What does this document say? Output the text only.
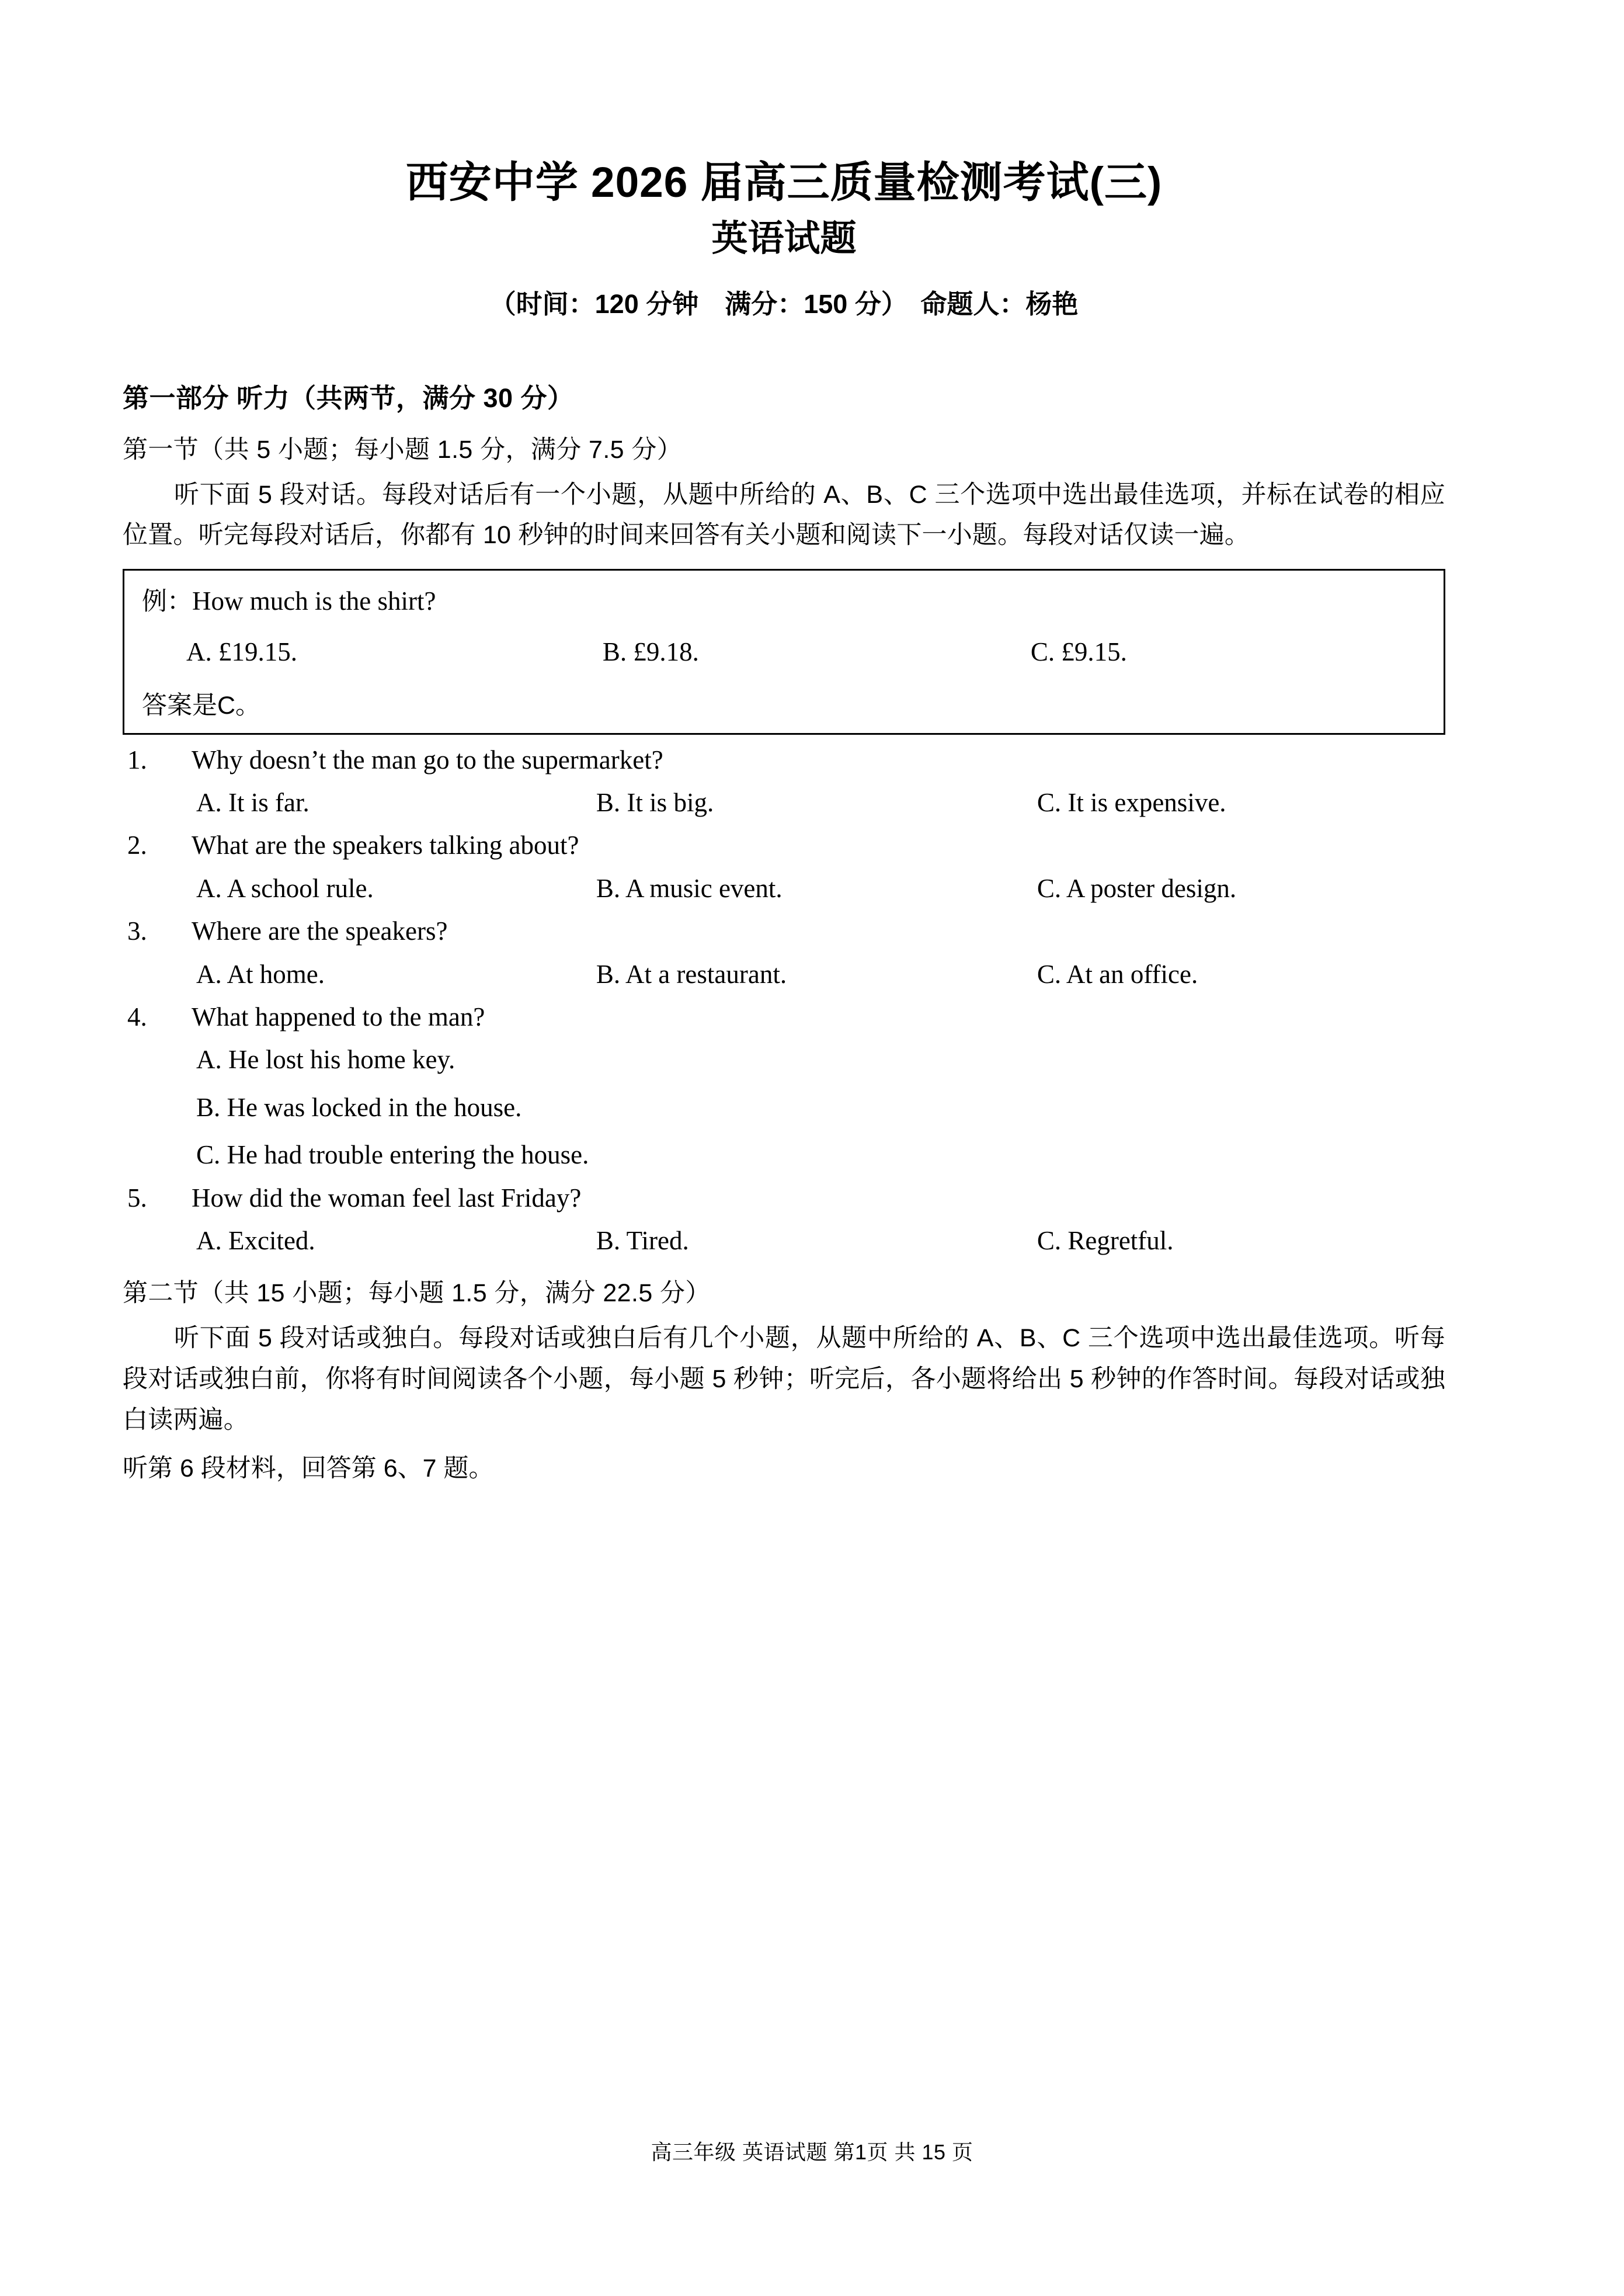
西安中学 2026 届高三质量检测考试(三)
英语试题
（时间：120 分钟　满分：150 分）　命题人：杨艳
第一部分 听力（共两节，满分 30 分）
第一节（共 5 小题；每小题 1.5 分，满分 7.5 分）
听下面 5 段对话。每段对话后有一个小题，从题中所给的 A、B、C 三个选项中选出最佳选项，并标在试卷的相应位置。听完每段对话后，你都有 10 秒钟的时间来回答有关小题和阅读下一小题。每段对话仅读一遍。
例：How much is the shirt?
A. £19.15.	B. £9.18.	C. £9.15.
答案是C。
1.	Why doesn’t the man go to the supermarket?
A. It is far.	B. It is big.	C. It is expensive.
2.	What are the speakers talking about?
A. A school rule.	B. A music event.	C. A poster design.
3.	Where are the speakers?
A. At home.	B. At a restaurant.	C. At an office.
4.	What happened to the man?
A. He lost his home key.
B. He was locked in the house.
C. He had trouble entering the house.
5.	How did the woman feel last Friday?
A. Excited.	B. Tired.	C. Regretful.
第二节（共 15 小题；每小题 1.5 分，满分 22.5 分）
听下面 5 段对话或独白。每段对话或独白后有几个小题，从题中所给的 A、B、C 三个选项中选出最佳选项。听每段对话或独白前，你将有时间阅读各个小题，每小题 5 秒钟；听完后，各小题将给出 5 秒钟的作答时间。每段对话或独白读两遍。
听第 6 段材料，回答第 6、7 题。
高三年级 英语试题 第1页 共 15 页
